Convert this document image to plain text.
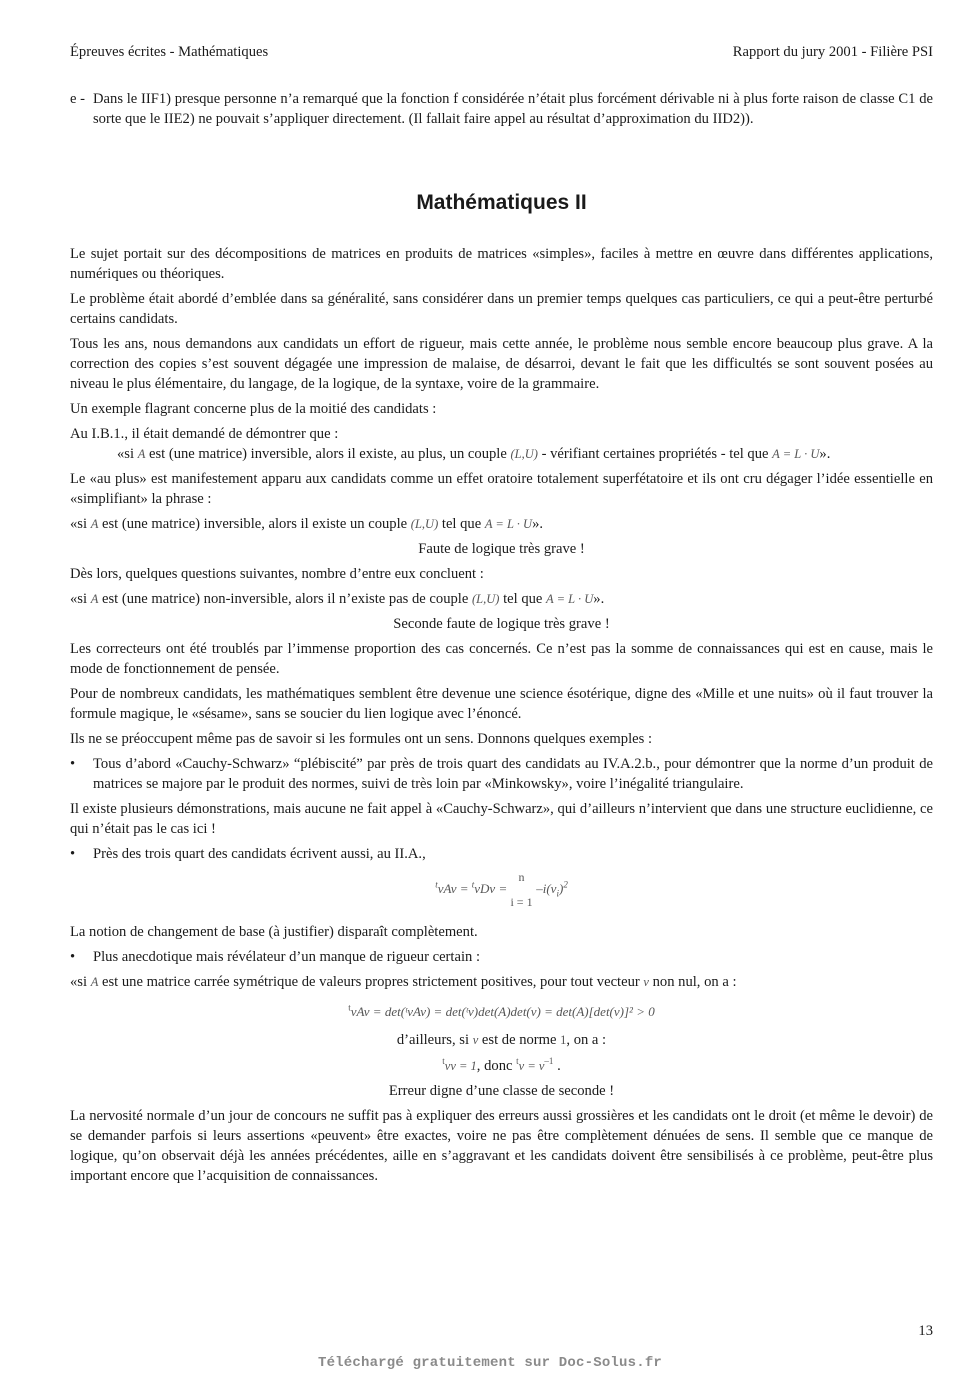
Épreuves écrites - Mathématiques	Rapport du jury 2001 - Filière PSI
e - Dans le IIF1) presque personne n’a remarqué que la fonction f considérée n’était plus forcément dérivable ni à plus forte raison de classe C1 de sorte que le IIE2) ne pouvait s’appliquer directement. (Il fallait faire appel au résultat d’approximation du IID2)).
Mathématiques II

Le sujet portait sur des décompositions de matrices en produits de matrices «simples», faciles à mettre en œuvre dans différentes applications, numériques ou théoriques.

Le problème était abordé d’emblée dans sa généralité, sans considérer dans un premier temps quelques cas particuliers, ce qui a peut-être perturbé certains candidats.

Tous les ans, nous demandons aux candidats un effort de rigueur, mais cette année, le problème nous semble encore beaucoup plus grave. A la correction des copies s’est souvent dégagée une impression de malaise, de désarroi, devant le fait que les difficultés se sont souvent posées au niveau le plus élémentaire, du langage, de la logique, de la syntaxe, voire de la grammaire.

Un exemple flagrant concerne plus de la moitié des candidats :

Au I.B.1., il était demandé de démontrer que :

«si A est (une matrice) inversible, alors il existe, au plus, un couple (L,U) - vérifiant certaines propriétés - tel que A = L · U».

Le «au plus» est manifestement apparu aux candidats comme un effet oratoire totalement superfétatoire et ils ont cru dégager l’idée essentielle en «simplifiant» la phrase :

«si A est (une matrice) inversible, alors il existe un couple (L,U) tel que A = L · U».

Faute de logique très grave !

Dès lors, quelques questions suivantes, nombre d’entre eux concluent :

«si A est (une matrice) non-inversible, alors il n’existe pas de couple (L,U) tel que A = L · U».

Seconde faute de logique très grave !

Les correcteurs ont été troublés par l’immense proportion des cas concernés. Ce n’est pas la somme de connaissances qui est en cause, mais le mode de fonctionnement de pensée.

Pour de nombreux candidats, les mathématiques semblent être devenue une science ésotérique, digne des «Mille et une nuits» où il faut trouver la formule magique, le «sésame», sans se soucier du lien logique avec l’énoncé.

Ils ne se préoccupent même pas de savoir si les formules ont un sens. Donnons quelques exemples :

•	Tous d’abord «Cauchy-Schwarz» “plébiscité” par près de trois quart des candidats au IV.A.2.b., pour démontrer que la norme d’un produit de matrices se majore par le produit des normes, suivi de très loin par «Minkowsky», voire l’inégalité triangulaire.

Il existe plusieurs démonstrations, mais aucune ne fait appel à «Cauchy-Schwarz», qui d’ailleurs n’intervient que dans une structure euclidienne, ce qui n’était pas le cas ici !

•	Près des trois quart des candidats écrivent aussi, au II.A.,
$^t$vAv = $^t$vDv =
n
i = 1
$-i(v_i)^2$

La notion de changement de base (à justifier) disparaît complètement.

•	Plus anecdotique mais révélateur d’un manque de rigueur certain :

«si A est une matrice carrée symétrique de valeurs propres strictement positives, pour tout vecteur v non nul, on a :

$^t$vAv = det(ᵗvAv) = det(ᵗv)det(A)det(v) = det(A)[det(v)]² > 0
d’ailleurs, si v est de norme 1, on a :
$^t$vv = 1, donc $^tv = v^{-1}$ .
Erreur digne d’une classe de seconde !

La nervosité normale d’un jour de concours ne suffit pas à expliquer des erreurs aussi grossières et les candidats ont le droit (et même le devoir) de se demander parfois si leurs assertions «peuvent» être exactes, voire ne pas être complètement dénuées de sens. Il semble que ce manque de logique, qu’on observait déjà les années précédentes, aille en s’aggravant et les candidats doivent être sensibilisés à ce problème, peut-être plus important encore que l’acquisition de connaissances.

13
Téléchargé gratuitement sur Doc-Solus.fr
